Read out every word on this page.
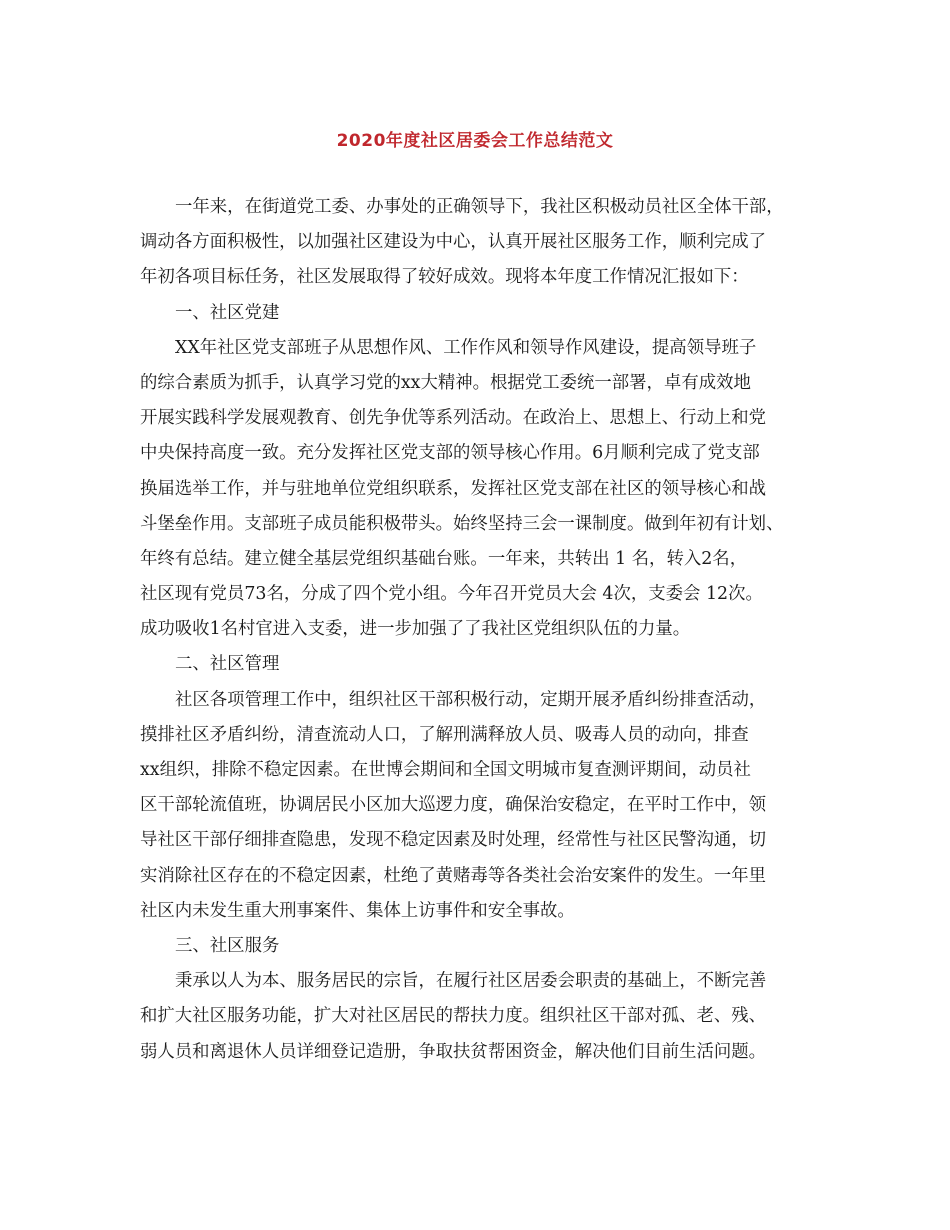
2020年度社区居委会工作总结范文
一年来，在街道党工委、办事处的正确领导下，我社区积极动员社区全体干部，
调动各方面积极性，以加强社区建设为中心，认真开展社区服务工作，顺利完成了
年初各项目标任务，社区发展取得了较好成效。现将本年度工作情况汇报如下：
一、社区党建
XX年社区党支部班子从思想作风、工作作风和领导作风建设，提高领导班子
的综合素质为抓手，认真学习党的xx大精神。根据党工委统一部署，卓有成效地
开展实践科学发展观教育、创先争优等系列活动。在政治上、思想上、行动上和党
中央保持高度一致。充分发挥社区党支部的领导核心作用。6月顺利完成了党支部
换届选举工作，并与驻地单位党组织联系，发挥社区党支部在社区的领导核心和战
斗堡垒作用。支部班子成员能积极带头。始终坚持三会一课制度。做到年初有计划、
年终有总结。建立健全基层党组织基础台账。一年来，共转出 1 名，转入2名，
社区现有党员73名，分成了四个党小组。今年召开党员大会 4次，支委会 12次。
成功吸收1名村官进入支委，进一步加强了了我社区党组织队伍的力量。
二、社区管理
社区各项管理工作中，组织社区干部积极行动，定期开展矛盾纠纷排查活动，
摸排社区矛盾纠纷，清查流动人口，了解刑满释放人员、吸毒人员的动向，排查
xx组织，排除不稳定因素。在世博会期间和全国文明城市复查测评期间，动员社
区干部轮流值班，协调居民小区加大巡逻力度，确保治安稳定，在平时工作中，领
导社区干部仔细排查隐患，发现不稳定因素及时处理，经常性与社区民警沟通，切
实消除社区存在的不稳定因素，杜绝了黄赌毒等各类社会治安案件的发生。一年里
社区内未发生重大刑事案件、集体上访事件和安全事故。
三、社区服务
秉承以人为本、服务居民的宗旨，在履行社区居委会职责的基础上，不断完善
和扩大社区服务功能，扩大对社区居民的帮扶力度。组织社区干部对孤、老、残、
弱人员和离退休人员详细登记造册，争取扶贫帮困资金，解决他们目前生活问题。
